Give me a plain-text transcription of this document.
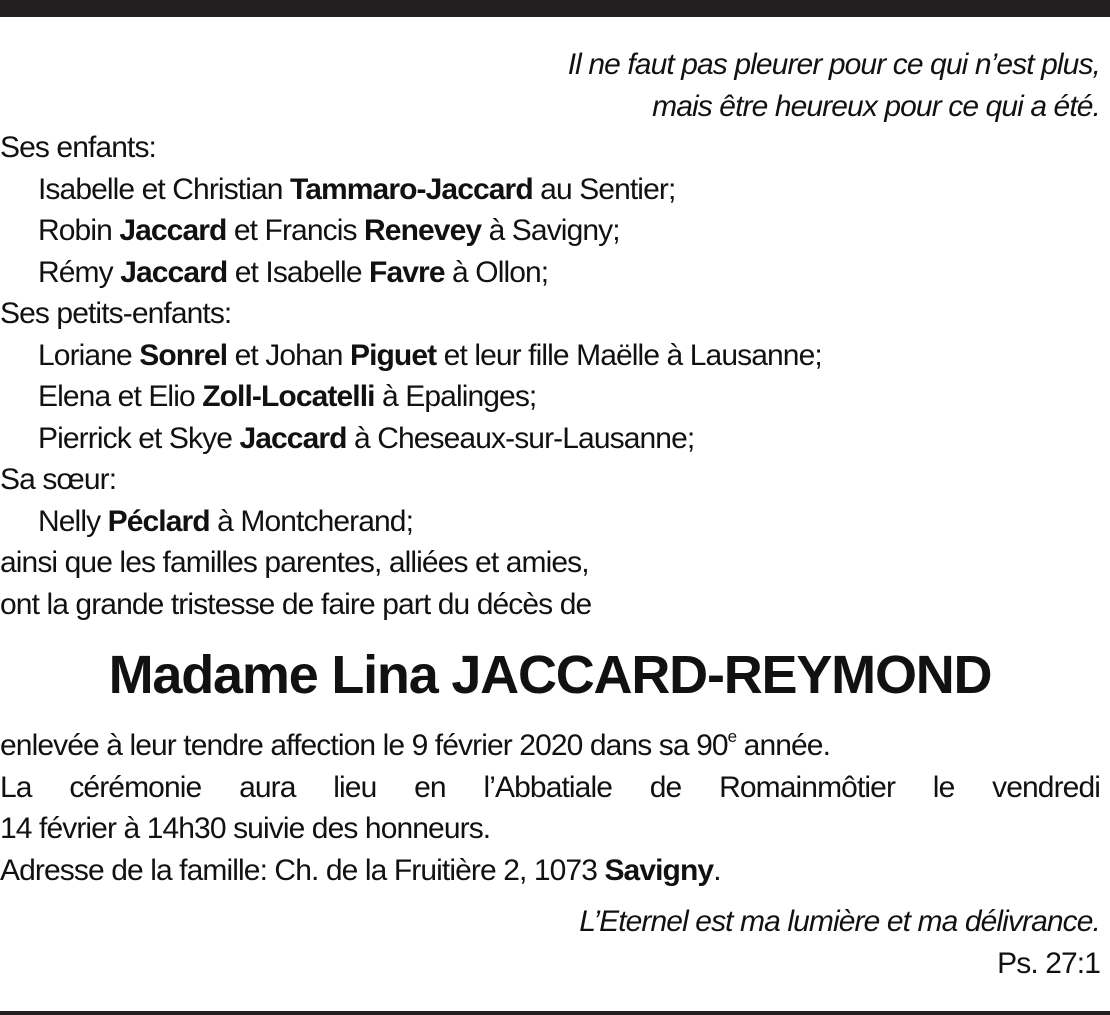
Il ne faut pas pleurer pour ce qui n’est plus,
mais être heureux pour ce qui a été.
Ses enfants:
Isabelle et Christian Tammaro-Jaccard au Sentier;
Robin Jaccard et Francis Renevey à Savigny;
Rémy Jaccard et Isabelle Favre à Ollon;
Ses petits-enfants:
Loriane Sonrel et Johan Piguet et leur fille Maëlle à Lausanne;
Elena et Elio Zoll-Locatelli à Epalinges;
Pierrick et Skye Jaccard à Cheseaux-sur-Lausanne;
Sa sœur:
Nelly Péclard à Montcherand;
ainsi que les familles parentes, alliées et amies,
ont la grande tristesse de faire part du décès de
Madame Lina JACCARD-REYMOND
enlevée à leur tendre affection le 9 février 2020 dans sa 90e année.
La cérémonie aura lieu en l’Abbatiale de Romainmôtier le vendredi
14 février à 14h30 suivie des honneurs.
Adresse de la famille: Ch. de la Fruitière 2, 1073 Savigny.
L’Eternel est ma lumière et ma délivrance.
Ps. 27:1
